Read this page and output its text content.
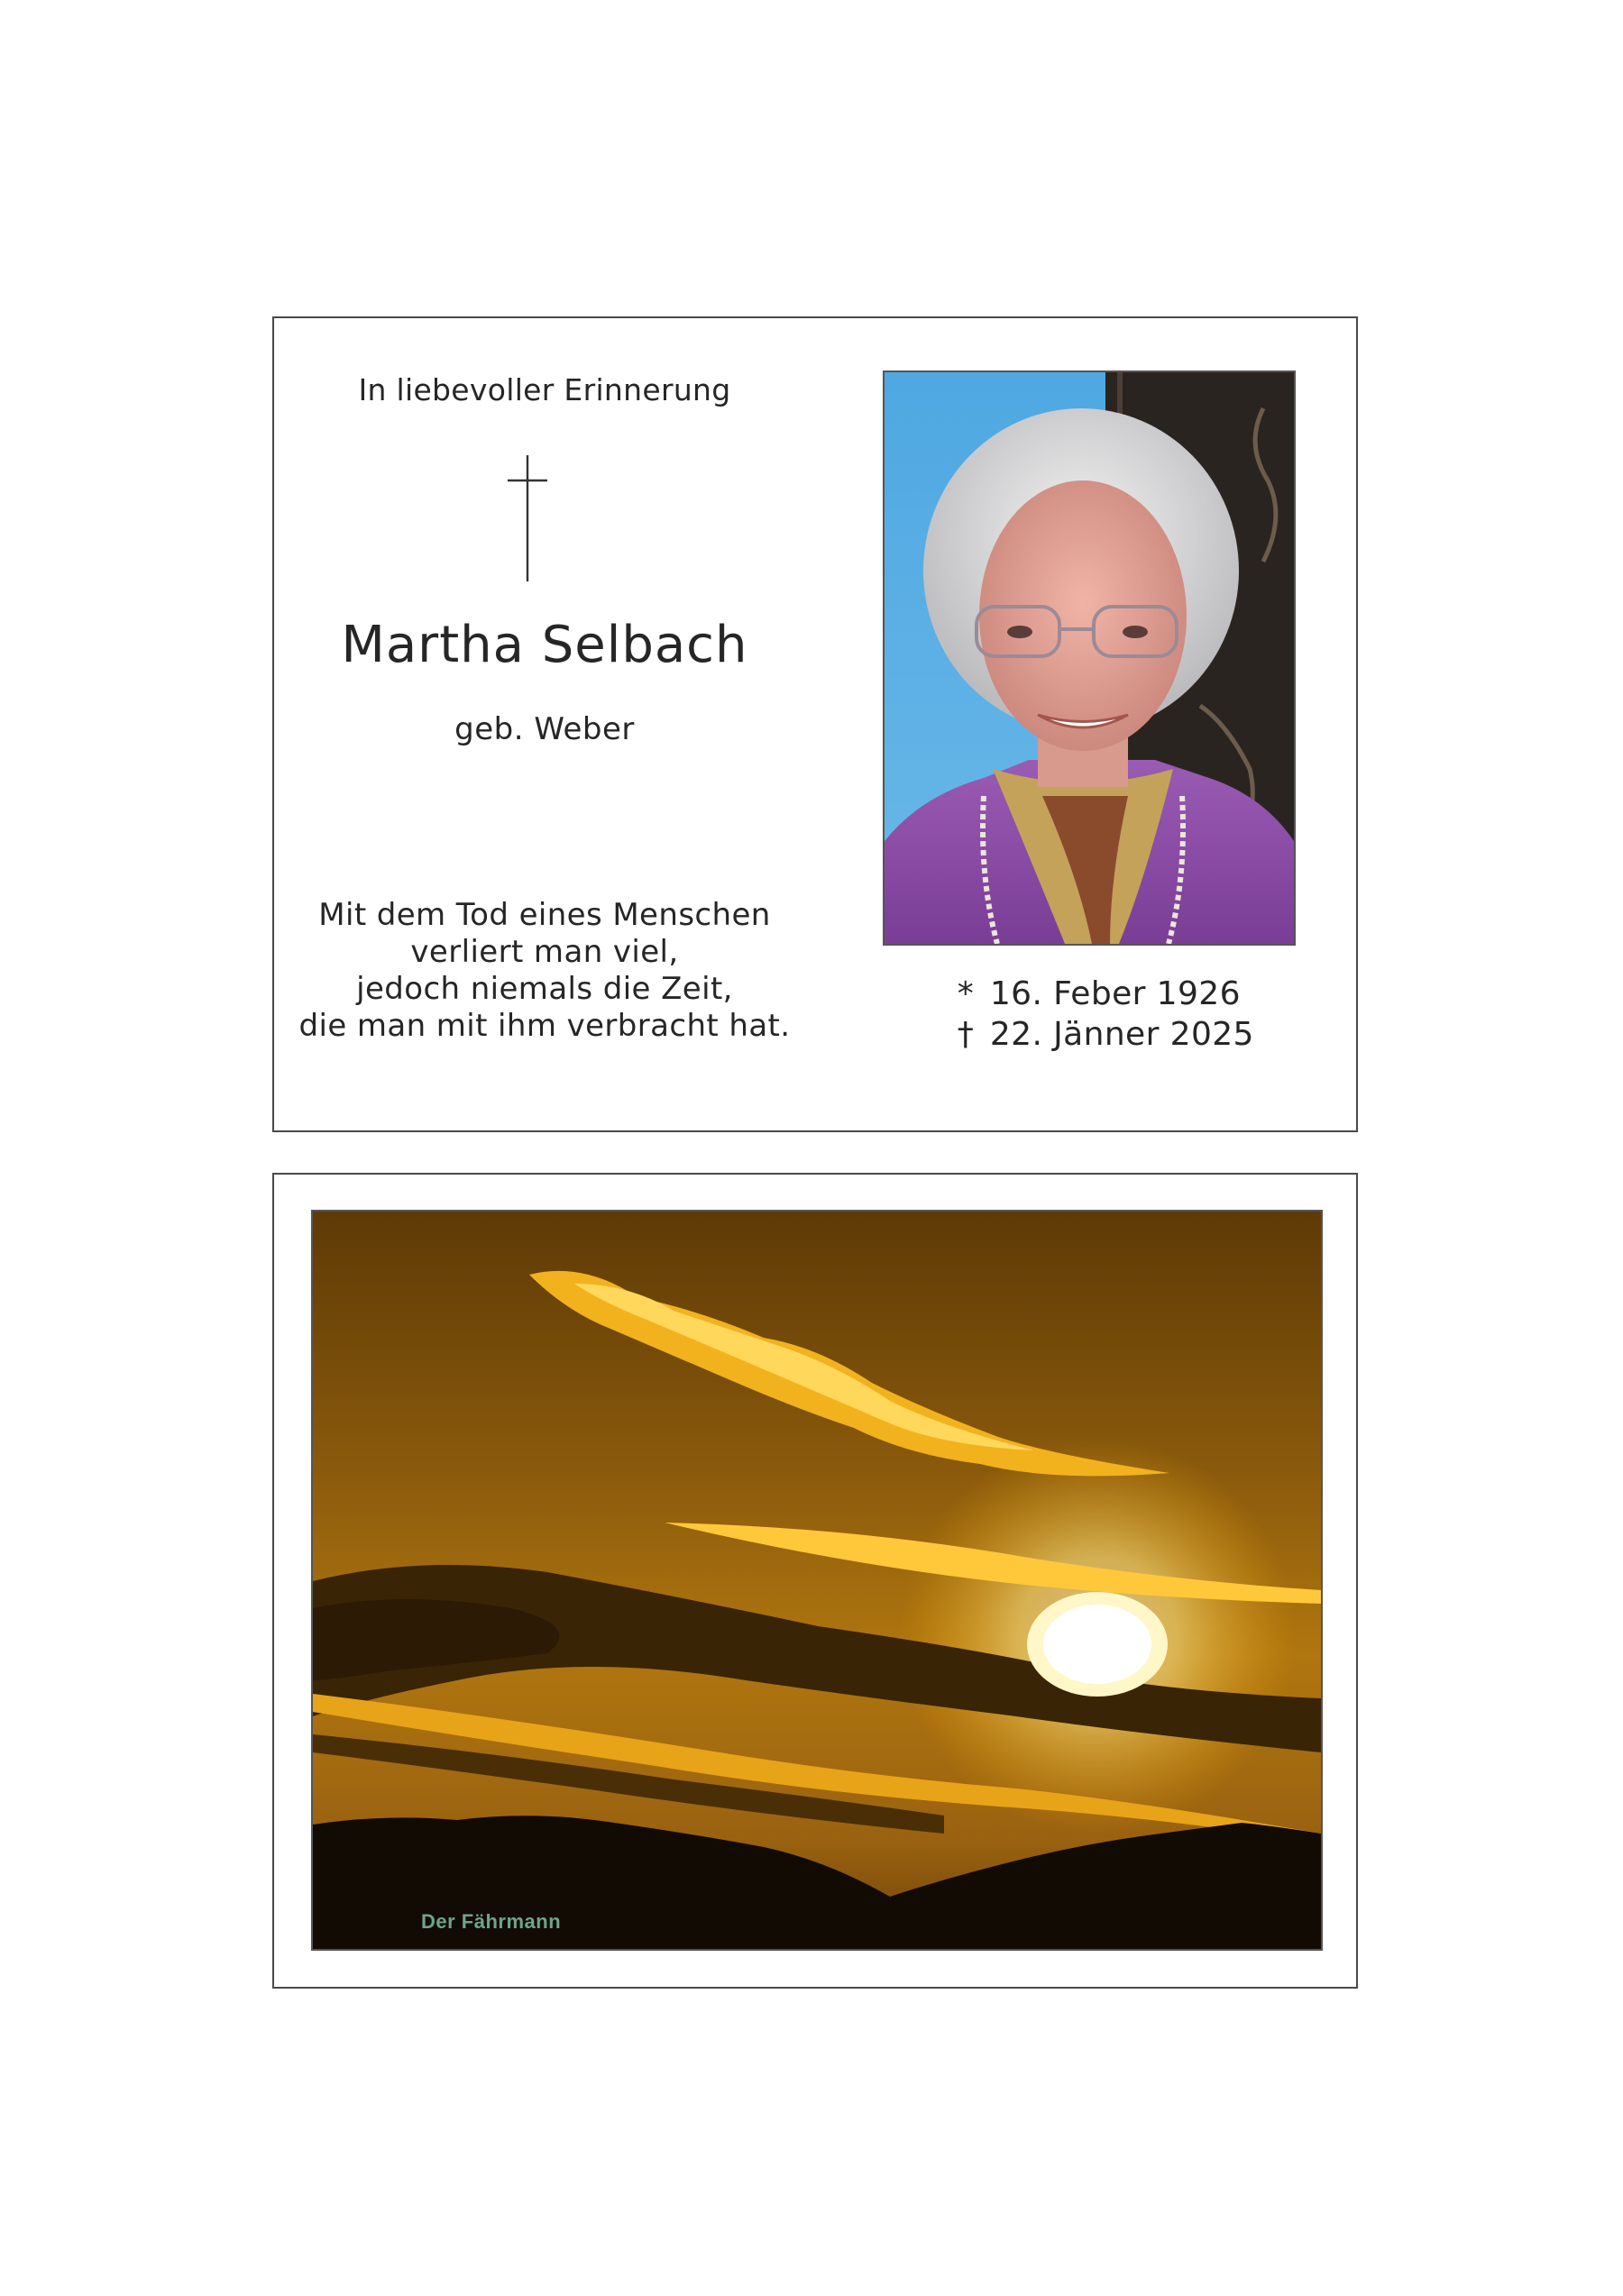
In liebevoller Erinnerung
Martha Selbach
geb. Weber
Mit dem Tod eines Menschen
verliert man viel,
jedoch niemals die Zeit,
die man mit ihm verbracht hat.
* 16. Feber 1926
† 22. Jänner 2025
Der Fährmann
